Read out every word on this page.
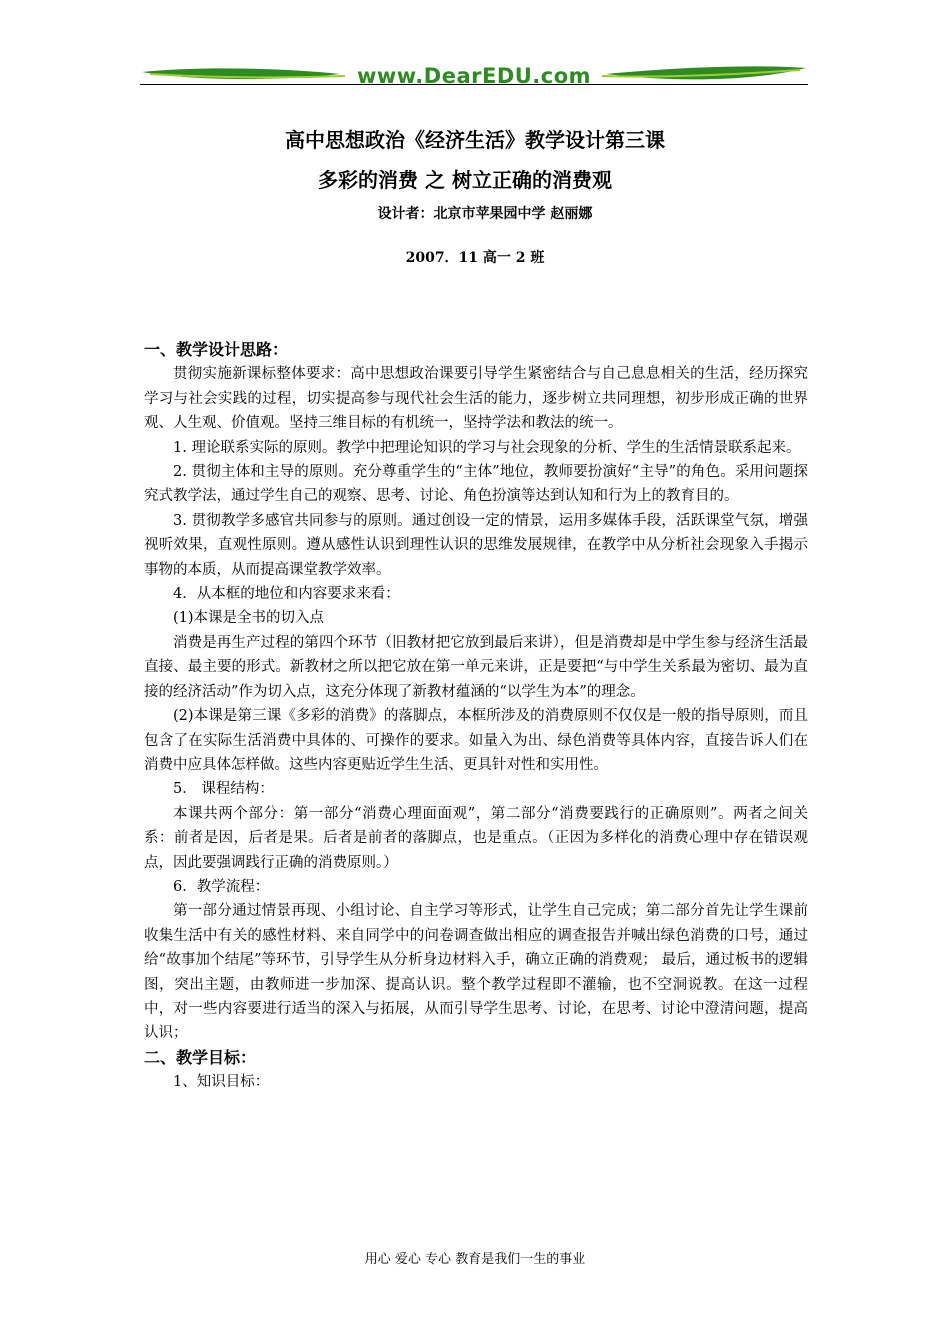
www.DearEDU.com
高中思想政治《经济生活》教学设计第三课
多彩的消费 之 树立正确的消费观
设计者：北京市苹果园中学 赵丽娜
2007．11 高一 2 班

一、教学设计思路：

贯彻实施新课标整体要求：高中思想政治课要引导学生紧密结合与自己息息相关的生活，经历探究学习与社会实践的过程，切实提高参与现代社会生活的能力，逐步树立共同理想，初步形成正确的世界观、人生观、价值观。坚持三维目标的有机统一，坚持学法和教法的统一。

1. 理论联系实际的原则。教学中把理论知识的学习与社会现象的分析、学生的生活情景联系起来。

2. 贯彻主体和主导的原则。充分尊重学生的“主体”地位，教师要扮演好“主导”的角色。采用问题探究式教学法，通过学生自己的观察、思考、讨论、角色扮演等达到认知和行为上的教育目的。

3. 贯彻教学多感官共同参与的原则。通过创设一定的情景，运用多媒体手段，活跃课堂气氛，增强视听效果，直观性原则。遵从感性认识到理性认识的思维发展规律，在教学中从分析社会现象入手揭示事物的本质，从而提高课堂教学效率。

4．从本框的地位和内容要求来看：

(1)本课是全书的切入点

消费是再生产过程的第四个环节（旧教材把它放到最后来讲），但是消费却是中学生参与经济生活最直接、最主要的形式。新教材之所以把它放在第一单元来讲，正是要把“与中学生关系最为密切、最为直接的经济活动”作为切入点，这充分体现了新教材蕴涵的“以学生为本”的理念。

(2)本课是第三课《多彩的消费》的落脚点，本框所涉及的消费原则不仅仅是一般的指导原则，而且包含了在实际生活消费中具体的、可操作的要求。如量入为出、绿色消费等具体内容，直接告诉人们在消费中应具体怎样做。这些内容更贴近学生生活、更具针对性和实用性。

5． 课程结构：

本课共两个部分：第一部分“消费心理面面观”，第二部分“消费要践行的正确原则”。两者之间关系：前者是因，后者是果。后者是前者的落脚点，也是重点。（正因为多样化的消费心理中存在错误观点，因此要强调践行正确的消费原则。）

6．教学流程：

第一部分通过情景再现、小组讨论、自主学习等形式，让学生自己完成；第二部分首先让学生课前收集生活中有关的感性材料、来自同学中的问卷调查做出相应的调查报告并喊出绿色消费的口号，通过给“故事加个结尾”等环节，引导学生从分析身边材料入手，确立正确的消费观； 最后，通过板书的逻辑图，突出主题，由教师进一步加深、提高认识。整个教学过程即不灌输，也不空洞说教。在这一过程中，对一些内容要进行适当的深入与拓展，从而引导学生思考、讨论，在思考、讨论中澄清问题，提高认识；

二、教学目标：

1、知识目标：

用心 爱心 专心 教育是我们一生的事业
